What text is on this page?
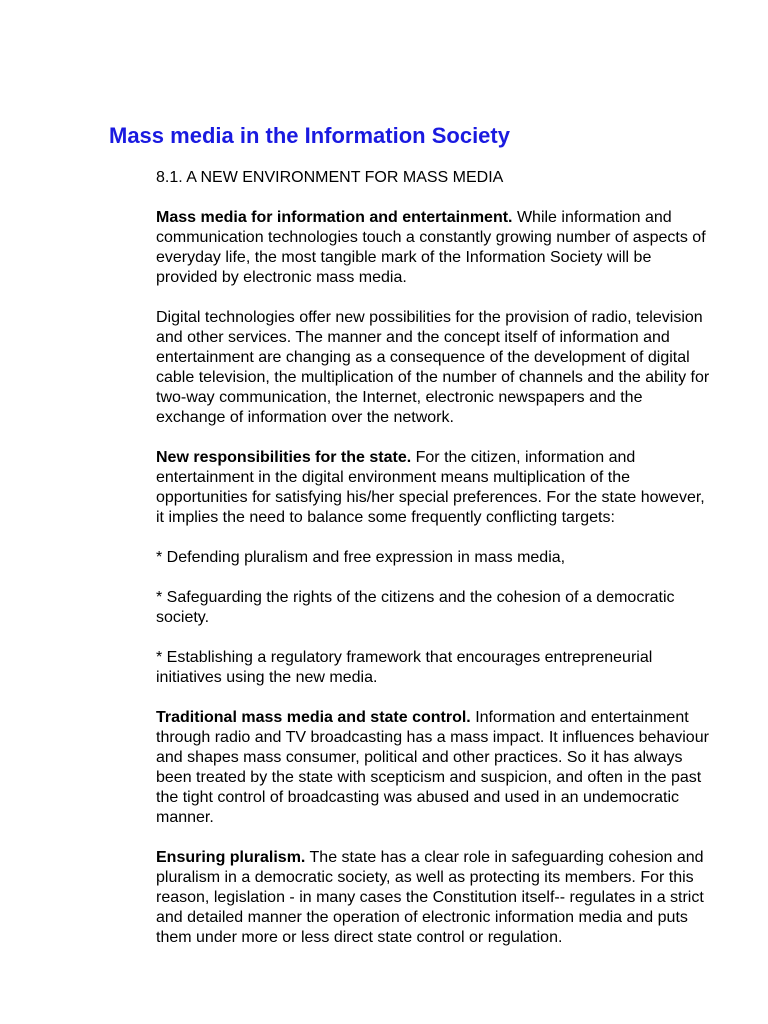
Mass media in the Information Society

8.1. A NEW ENVIRONMENT FOR MASS MEDIA

Mass media for information and entertainment. While information and communication technologies touch a constantly growing number of aspects of everyday life, the most tangible mark of the Information Society will be provided by electronic mass media.

Digital technologies offer new possibilities for the provision of radio, television and other services. The manner and the concept itself of information and entertainment are changing as a consequence of the development of digital cable television, the multiplication of the number of channels and the ability for two-way communication, the Internet, electronic newspapers and the exchange of information over the network.

New responsibilities for the state. For the citizen, information and entertainment in the digital environment means multiplication of the opportunities for satisfying his/her special preferences. For the state however, it implies the need to balance some frequently conflicting targets:

* Defending pluralism and free expression in mass media,

* Safeguarding the rights of the citizens and the cohesion of a democratic society.

* Establishing a regulatory framework that encourages entrepreneurial initiatives using the new media.

Traditional mass media and state control. Information and entertainment through radio and TV broadcasting has a mass impact. It influences behaviour and shapes mass consumer, political and other practices. So it has always been treated by the state with scepticism and suspicion, and often in the past the tight control of broadcasting was abused and used in an undemocratic manner.

Ensuring pluralism. The state has a clear role in safeguarding cohesion and pluralism in a democratic society, as well as protecting its members. For this reason, legislation - in many cases the Constitution itself-- regulates in a strict and detailed manner the operation of electronic information media and puts them under more or less direct state control or regulation.
